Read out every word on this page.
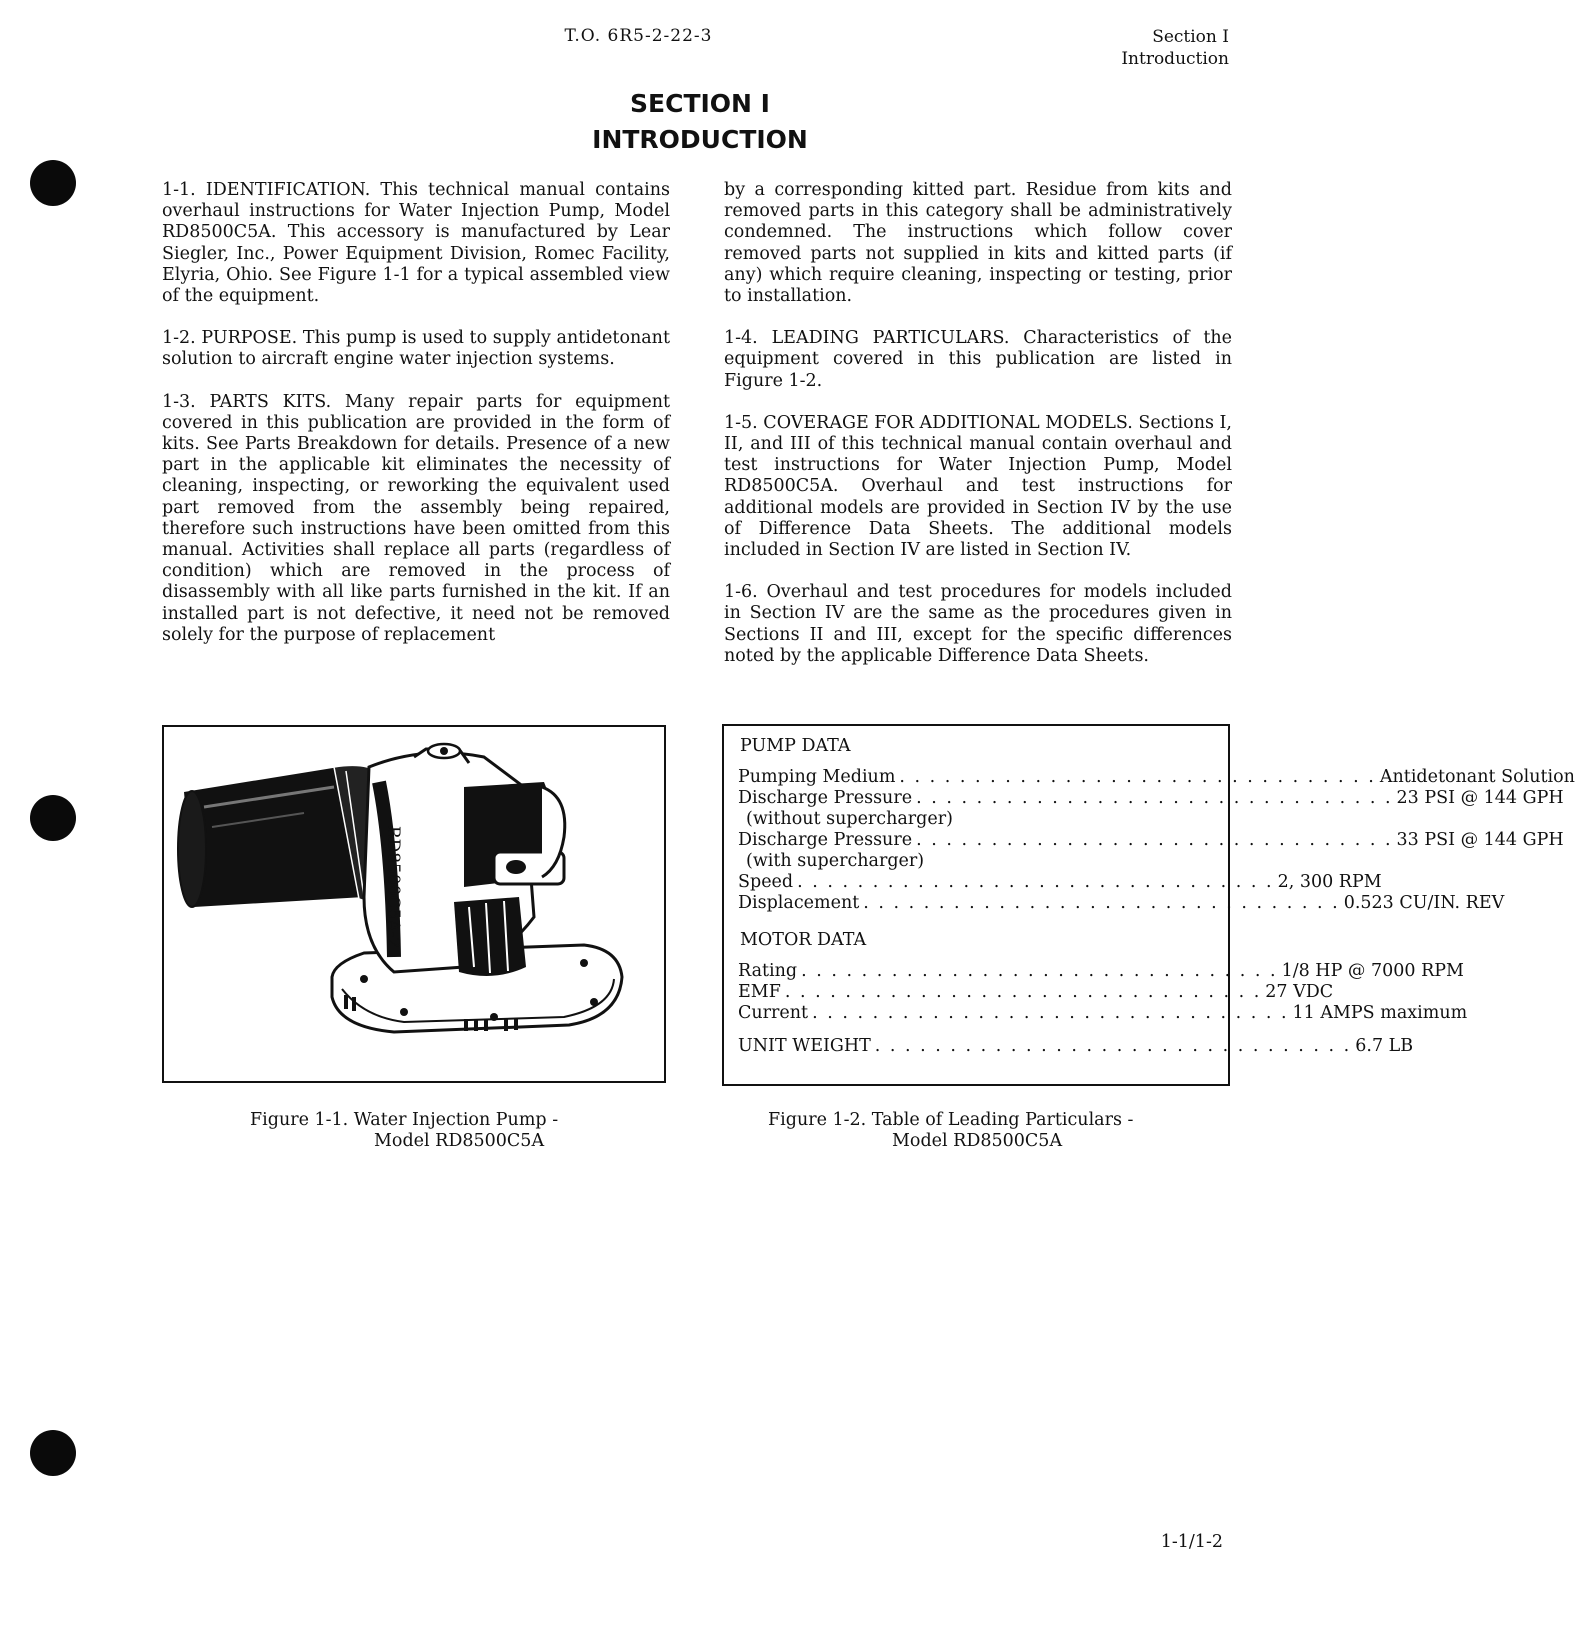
T.O. 6R5-2-22-3	Section I
Introduction
SECTION I
INTRODUCTION

1-1. IDENTIFICATION. This technical manual contains overhaul instructions for Water Injection Pump, Model RD8500C5A. This accessory is manufactured by Lear Siegler, Inc., Power Equipment Division, Romec Facility, Elyria, Ohio. See Figure 1-1 for a typical assembled view of the equipment.

1-2. PURPOSE. This pump is used to supply antidetonant solution to aircraft engine water injection systems.

1-3. PARTS KITS. Many repair parts for equipment covered in this publication are provided in the form of kits. See Parts Breakdown for details. Presence of a new part in the applicable kit eliminates the necessity of cleaning, inspecting, or reworking the equivalent used part removed from the assembly being repaired, therefore such instructions have been omitted from this manual. Activities shall replace all parts (regardless of condition) which are removed in the process of disassembly with all like parts furnished in the kit. If an installed part is not defective, it need not be removed solely for the purpose of replacement

by a corresponding kitted part. Residue from kits and removed parts in this category shall be administratively condemned. The instructions which follow cover removed parts not supplied in kits and kitted parts (if any) which require cleaning, inspecting or testing, prior to installation.

1-4. LEADING PARTICULARS. Characteristics of the equipment covered in this publication are listed in Figure 1-2.

1-5. COVERAGE FOR ADDITIONAL MODELS. Sections I, II, and III of this technical manual contain overhaul and test instructions for Water Injection Pump, Model RD8500C5A. Overhaul and test instructions for additional models are provided in Section IV by the use of Difference Data Sheets. The additional models included in Section IV are listed in Section IV.

1-6. Overhaul and test procedures for models included in Section IV are the same as the procedures given in Sections II and III, except for the specific differences noted by the applicable Difference Data Sheets.

RD8500C5A-2
PUMP DATA
Pumping Medium . . . . . . . . . . . . . . . . . . . . . . . . . . . . . . . . Antidetonant Solution
Discharge Pressure . . . . . . . . . . . . . . . . . . . . . . . . . . . . . . . . 23 PSI @ 144 GPH
(without supercharger)
Discharge Pressure . . . . . . . . . . . . . . . . . . . . . . . . . . . . . . . . 33 PSI @ 144 GPH
(with supercharger)
Speed . . . . . . . . . . . . . . . . . . . . . . . . . . . . . . . . 2, 300 RPM
Displacement . . . . . . . . . . . . . . . . . . . . . . . . . . . . . . . . 0.523 CU/IN. REV
MOTOR DATA
Rating . . . . . . . . . . . . . . . . . . . . . . . . . . . . . . . . 1/8 HP @ 7000 RPM
EMF . . . . . . . . . . . . . . . . . . . . . . . . . . . . . . . . 27 VDC
Current . . . . . . . . . . . . . . . . . . . . . . . . . . . . . . . . 11 AMPS maximum
UNIT WEIGHT . . . . . . . . . . . . . . . . . . . . . . . . . . . . . . . . 6.7 LB
Figure 1-1. Water Injection Pump -
Model RD8500C5A
Figure 1-2. Table of Leading Particulars -
Model RD8500C5A
1-1/1-2
